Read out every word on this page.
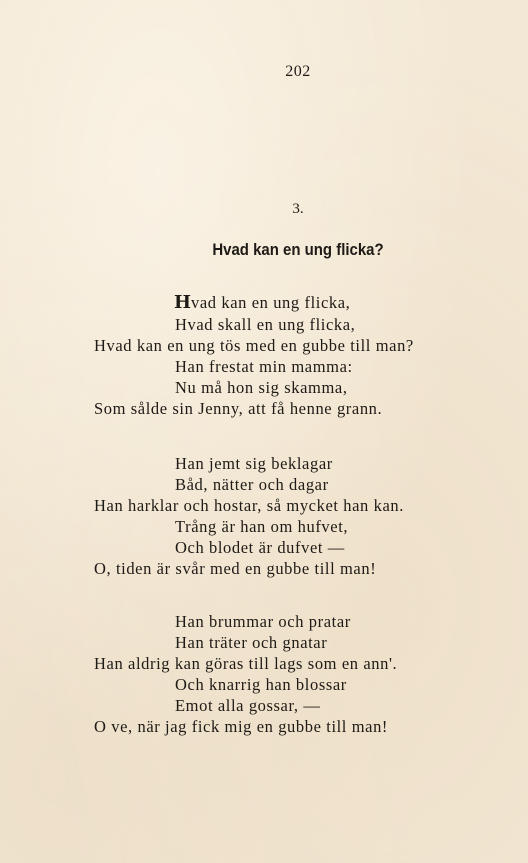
202
3.
Hvad kan en ung flicka?
Hvad kan en ung flicka,
Hvad skall en ung flicka,
Hvad kan en ung tös med en gubbe till man?
Han frestat min mamma:
Nu må hon sig skamma,
Som sålde sin Jenny, att få henne grann.
Han jemt sig beklagar
Båd, nätter och dagar
Han harklar och hostar, så mycket han kan.
Trång är han om hufvet,
Och blodet är dufvet —
O, tiden är svår med en gubbe till man!
Han brummar och pratar
Han träter och gnatar
Han aldrig kan göras till lags som en ann'.
Och knarrig han blossar
Emot alla gossar, —
O ve, när jag fick mig en gubbe till man!
